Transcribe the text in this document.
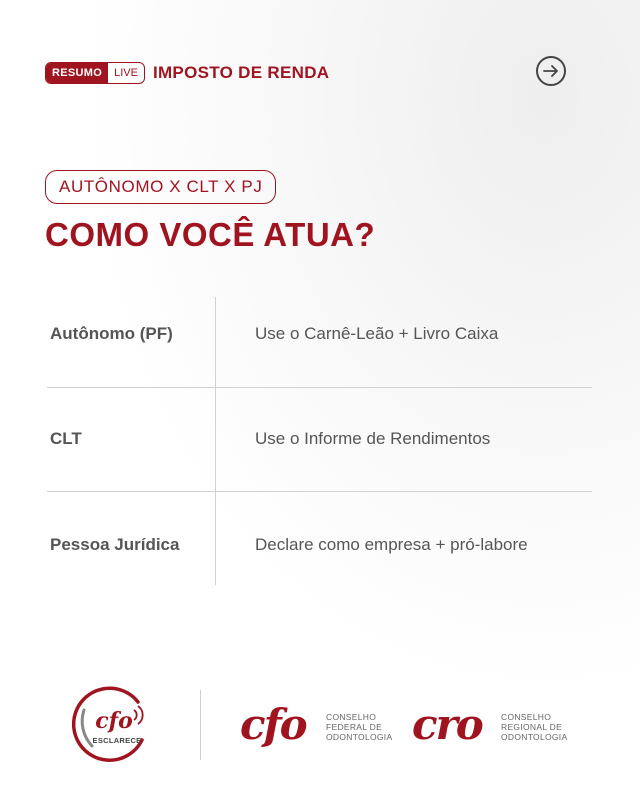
RESUMO	LIVE IMPOSTO DE RENDA
AUTÔNOMO X CLT X PJ
COMO VOCÊ ATUA?
Autônomo (PF)	Use o Carnê-Leão + Livro Caixa
CLT	Use o Informe de Rendimentos
Pessoa Jurídica	Declare como empresa + pró-labore
cfo
ESCLARECE cfo CONSELHO
FEDERAL DE
ODONTOLOGIA cro CONSELHO
REGIONAL DE
ODONTOLOGIA
